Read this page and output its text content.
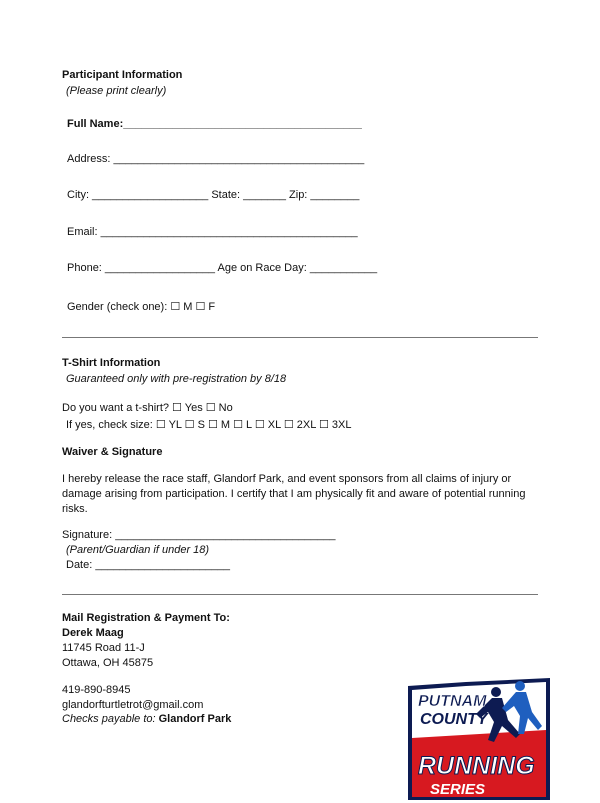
Participant Information
(Please print clearly)
Full Name:_______________________________________
Address: _________________________________________
City: ___________________ State: _______ Zip: ________
Email: __________________________________________
Phone: __________________ Age on Race Day: ___________
Gender (check one): ☐ M ☐ F
T-Shirt Information
Guaranteed only with pre-registration by 8/18
Do you want a t-shirt? ☐ Yes ☐ No
If yes, check size: ☐ YL ☐ S ☐ M ☐ L ☐ XL ☐ 2XL ☐ 3XL
Waiver & Signature
I hereby release the race staff, Glandorf Park, and event sponsors from all claims of injury or damage arising from participation. I certify that I am physically fit and aware of potential running risks.
Signature: ____________________________________
(Parent/Guardian if under 18)
Date: ______________________
Mail Registration & Payment To:
Derek Maag
11745 Road 11-J
Ottawa, OH 45875
419-890-8945
glandorfturtletrot@gmail.com
Checks payable to: Glandorf Park
PUTNAM
COUNTY
RUNNING
SERIES
